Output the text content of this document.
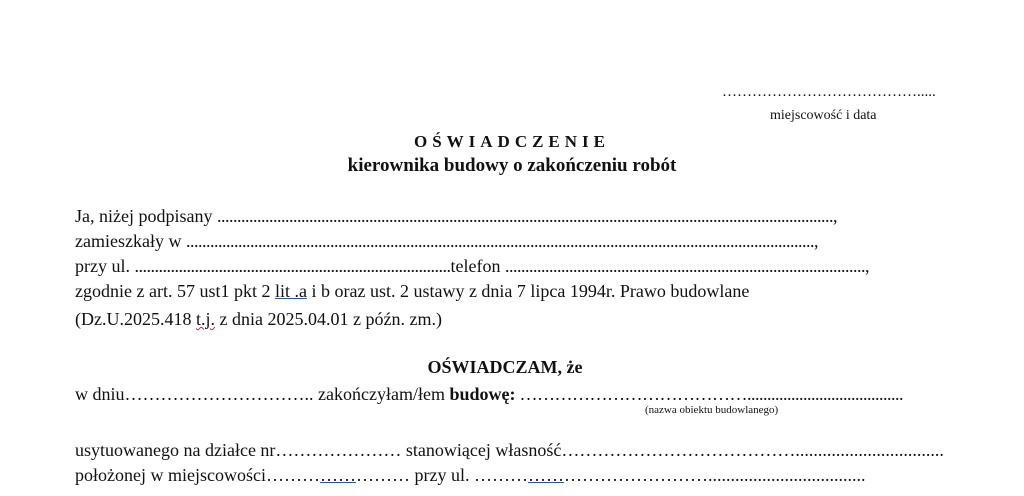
………………………………….....
miejscowość i data
OŚWIADCZENIE
kierownika budowy o zakończeniu robót
Ja, niżej podpisany ..........................................................................................................................................................,
zamieszkały w .............................................................................................................................................................,
przy ul. ...............................................................................telefon ..........................................................................................,
zgodnie z art. 57 ust1 pkt 2 lit .a i b oraz ust. 2 ustawy z dnia 7 lipca 1994r. Prawo budowlane
(Dz.U.2025.418 t.j. z dnia 2025.04.01 z późn. zm.)
OŚWIADCZAM, że
w dniu………………………….. zakończyłam/łem budowę: ………………………………….......................................
(nazwa obiektu budowlanego)
usytuowanego na działce nr………………… stanowiącej własność………………………………….................................
położonej w miejscowości…………………… przy ul. …………………………………...................................
